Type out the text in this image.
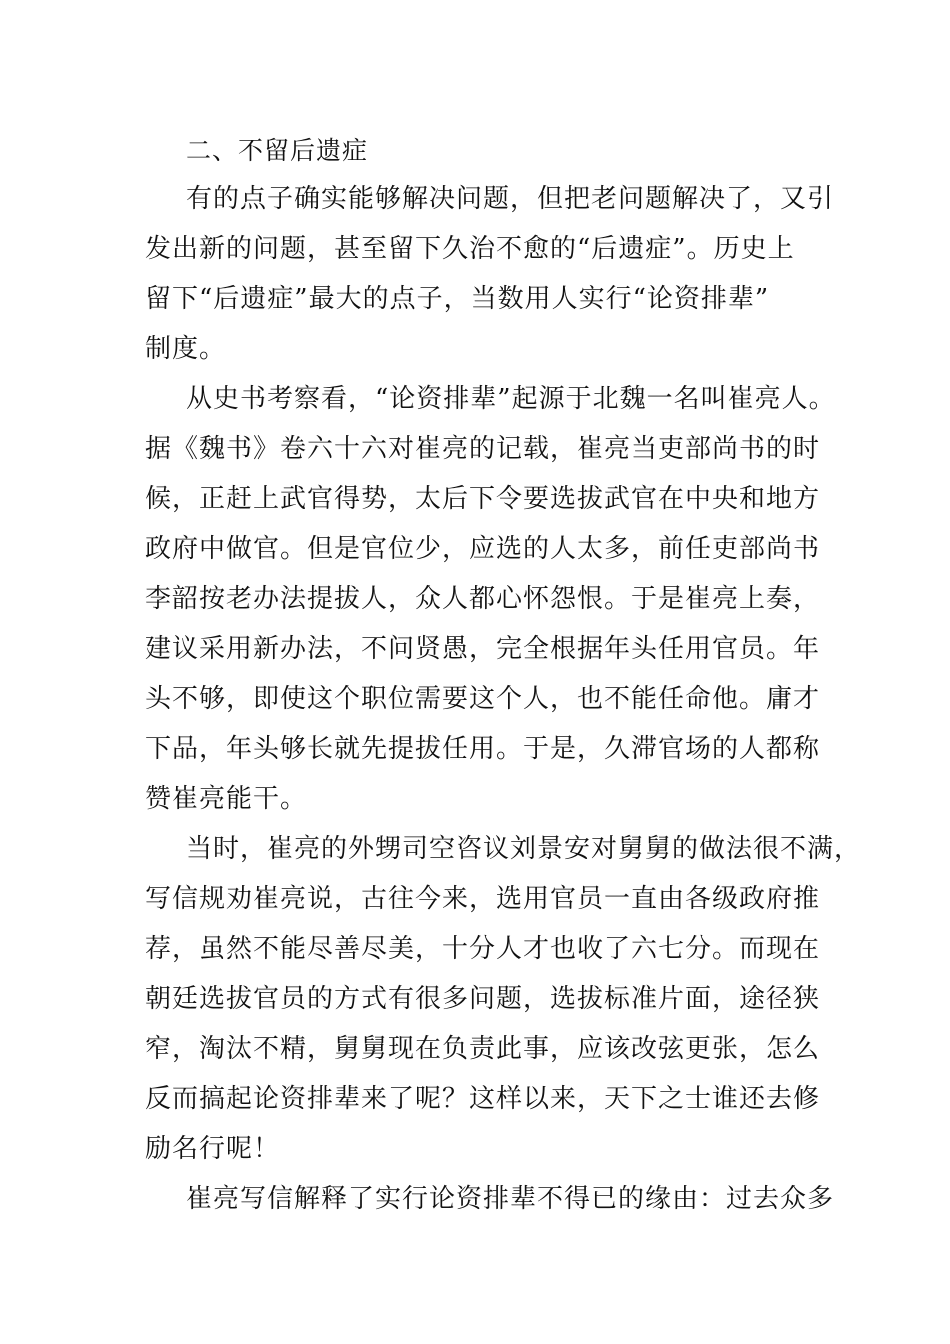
二、不留后遗症
有的点子确实能够解决问题，但把老问题解决了，又引
发出新的问题，甚至留下久治不愈的“后遗症”。历史上
留下“后遗症”最大的点子，当数用人实行“论资排辈”
制度。
从史书考察看，“论资排辈”起源于北魏一名叫崔亮人。
据《魏书》卷六十六对崔亮的记载，崔亮当吏部尚书的时
候，正赶上武官得势，太后下令要选拔武官在中央和地方
政府中做官。但是官位少，应选的人太多，前任吏部尚书
李韶按老办法提拔人，众人都心怀怨恨。于是崔亮上奏，
建议采用新办法，不问贤愚，完全根据年头任用官员。年
头不够，即使这个职位需要这个人，也不能任命他。庸才
下品，年头够长就先提拔任用。于是，久滞官场的人都称
赞崔亮能干。
当时，崔亮的外甥司空咨议刘景安对舅舅的做法很不满，
写信规劝崔亮说，古往今来，选用官员一直由各级政府推
荐，虽然不能尽善尽美，十分人才也收了六七分。而现在
朝廷选拔官员的方式有很多问题，选拔标准片面，途径狭
窄，淘汰不精，舅舅现在负责此事，应该改弦更张，怎么
反而搞起论资排辈来了呢？这样以来，天下之士谁还去修
励名行呢！
崔亮写信解释了实行论资排辈不得已的缘由：过去众多
